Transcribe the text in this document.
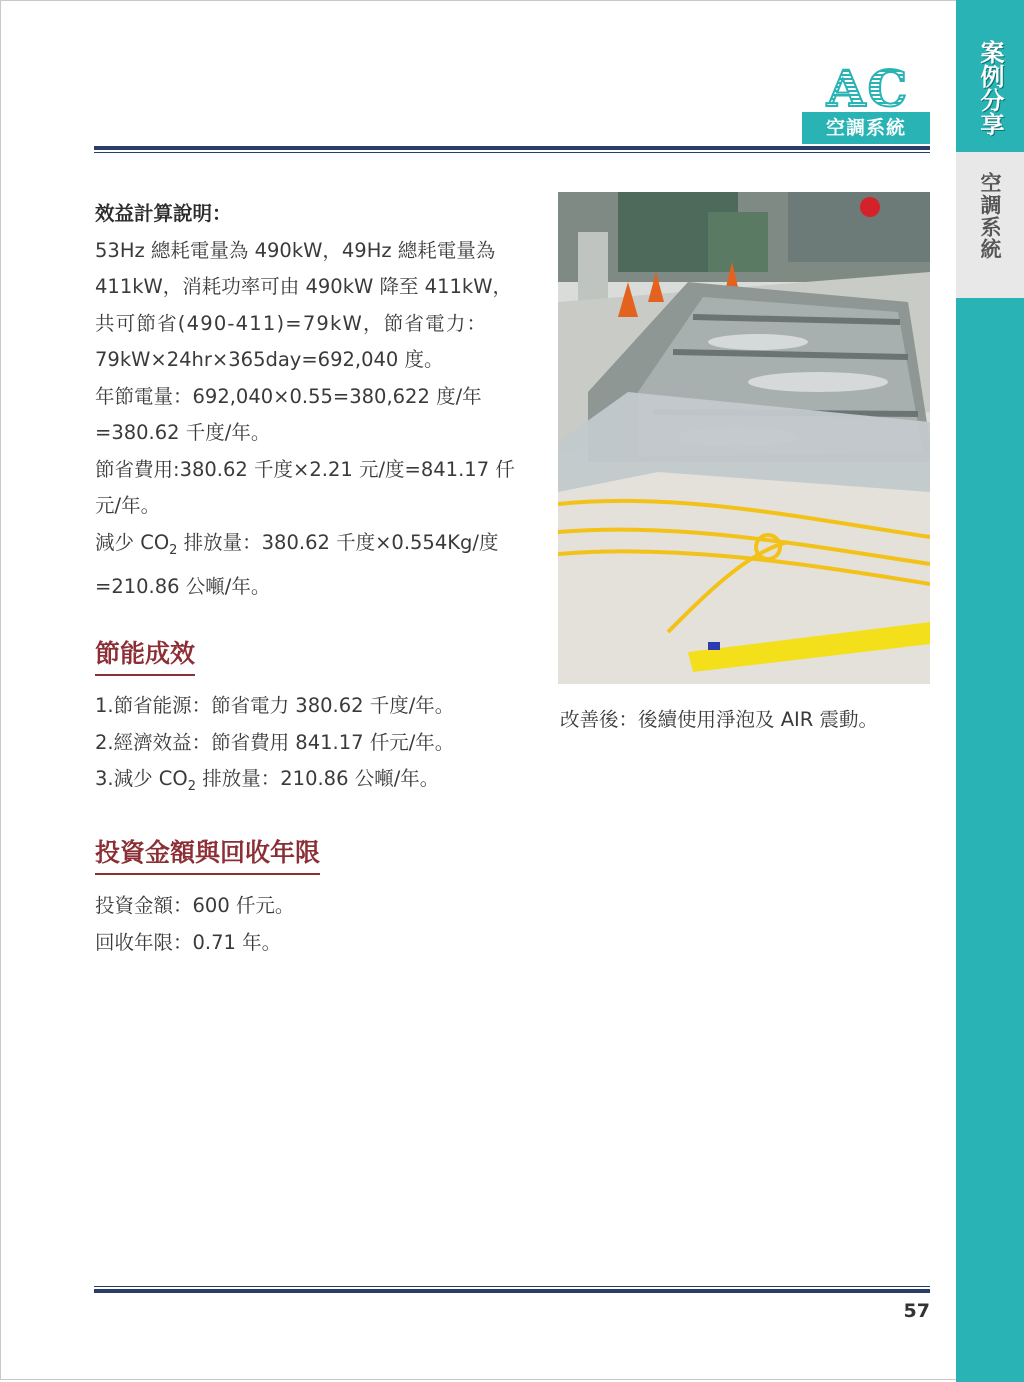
案例分享
空調系統
AC
空調系統
效益計算說明：
53Hz 總耗電量為 490kW，49Hz 總耗電量為
411kW，消耗功率可由 490kW 降至 411kW，
共可節省(490-411)=79kW，節省電力：
79kW×24hr×365day=692,040 度。
年節電量：692,040×0.55=380,622 度/年
=380.62 千度/年。
節省費用:380.62 千度×2.21 元/度=841.17 仟
元/年。
減少 $CO_2$ 排放量：380.62 千度×0.554Kg/度
=210.86 公噸/年。
節能成效
1.節省能源：節省電力 380.62 千度/年。
2.經濟效益：節省費用 841.17 仟元/年。
3.減少 $CO_2$ 排放量：210.86 公噸/年。
投資金額與回收年限
投資金額：600 仟元。
回收年限：0.71 年。
改善後：後續使用淨泡及 AIR 震動。
57
